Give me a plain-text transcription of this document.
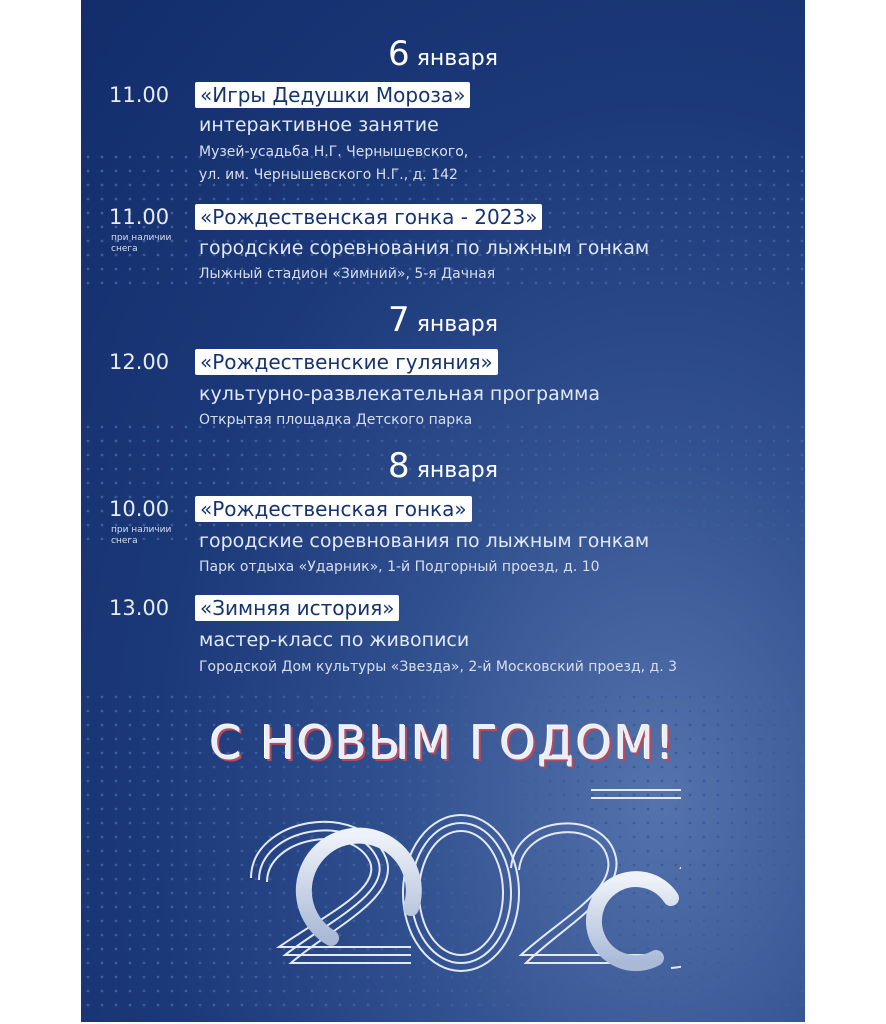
6 января
11.00 «Игры Дедушки Мороза»
интерактивное занятие
Музей-усадьба Н.Г. Чернышевского,
ул. им. Чернышевского Н.Г., д. 142
11.00
при наличии снега
«Рождественская гонка - 2023»
городские соревнования по лыжным гонкам
Лыжный стадион «Зимний», 5-я Дачная
7 января
12.00 «Рождественские гуляния»
культурно-развлекательная программа
Открытая площадка Детского парка
8 января
10.00
при наличии снега
«Рождественская гонка»
городские соревнования по лыжным гонкам
Парк отдыха «Ударник», 1-й Подгорный проезд, д. 10
13.00 «Зимняя история»
мастер-класс по живописи
Городской Дом культуры «Звезда», 2-й Московский проезд, д. 3
С НОВЫМ ГОДОМ!
